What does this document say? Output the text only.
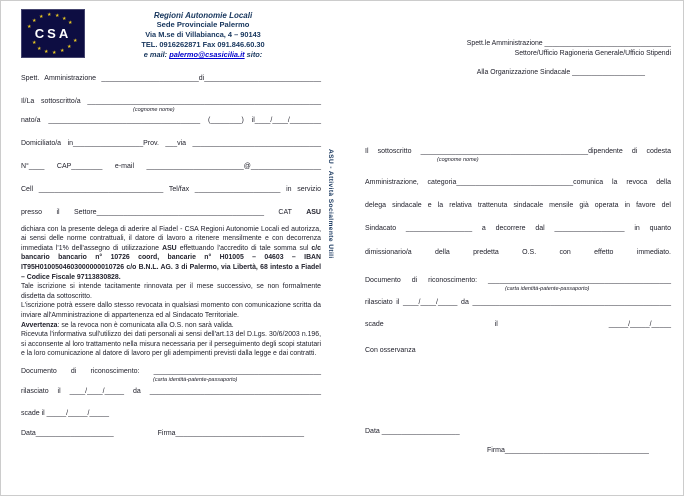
★
★
★ ★ ★ ★
★
★
★ ★ ★ ★
★
★
CSA
Regioni Autonomie Locali
Sede Provinciale Palermo
Via M.se di Villabianca, 4 – 90143
TEL. 0916262871 Fax 091.846.60.30
e mail: palermo@csasicilia.it sito:
Spett. Amministrazione _________________________di______________________________
Il/La sottoscritto/a ____________________________________________________________
(cognome nome)
nato/a _______________________________________ (________) il____/____/________
Domiciliato/a in__________________Prov. ___via _________________________________
N°____ CAP________ e-mail _________________________@__________________
Cell ________________________________ Tel/fax ______________________ in servizio
presso il Settore___________________________________________ CAT ASU

dichiara con la presente delega di aderire al Fiadel - CSA Regioni Autonomie Locali ed autorizza, ai sensi delle norme contrattuali, il datore di lavoro a ritenere mensilmente e con decorrenza immediata l'1% dell'assegno di utilizzazione ASU effettuando l'accredito di tale somma sul c/c bancario bancario n° 10726 coord, bancarie n° H01005 – 04603 – IBAN IT95H0100504603000000010726 c/o B.N.L. AG. 3 di Palermo, via Libertà, 68 intesto a Fiadel – Codice Fiscale 97113830828.

Tale iscrizione si intende tacitamente rinnovata per il mese successivo, se non formalmente disdetta da sottoscritto.

L'iscrizione potrà essere dallo stesso revocata in qualsiasi momento con comunicazione scritta da inviare all'Amministrazione di appartenenza ed al Sindacato Territoriale.

Avvertenza: se la revoca non è comunicata alla O.S. non sarà valida.

Ricevuta l'informativa sull'utilizzo dei dati personali ai sensi dell'art.13 del D.Lgs. 30/6/2003 n.196, si acconsente al loro trattamento nella misura necessaria per il perseguimento degli scopi statutari e la loro comunicazione al datore di lavoro per gli adempimenti previsti dalla legge e dai contratti.

Documento di riconoscimento: ___________________________________________
(carta identità-patente-passaporto)
rilasciato il ____/____/_____ da ____________________________________________
scade il _____/_____/_____
Data____________________	Firma_________________________________
ASU - Attività Socialmente Utili
Spett.le Amministrazione _________________________________
Settore/Ufficio Ragioneria Generale/Ufficio Stipendi
Alla Organizzazione Sindacale ___________________
Il sottoscritto ___________________________________________dipendente di codesta
(cognome nome)
Amministrazione, categoria______________________________comunica la revoca della
delega sindacale e la relativa trattenuta sindacale mensile già operata in favore del
Sindacato _________________ a decorrere dal __________________ in quanto
dimissionario/a della predetta O.S. con effetto immediato.
Documento di riconoscimento: _______________________________________________
(carta identità-patente-passaporto)
rilasciato il ____/____/_____ da ___________________________________________________
scade il _____/_____/_____
Con osservanza
Data ____________________
Firma_____________________________________
